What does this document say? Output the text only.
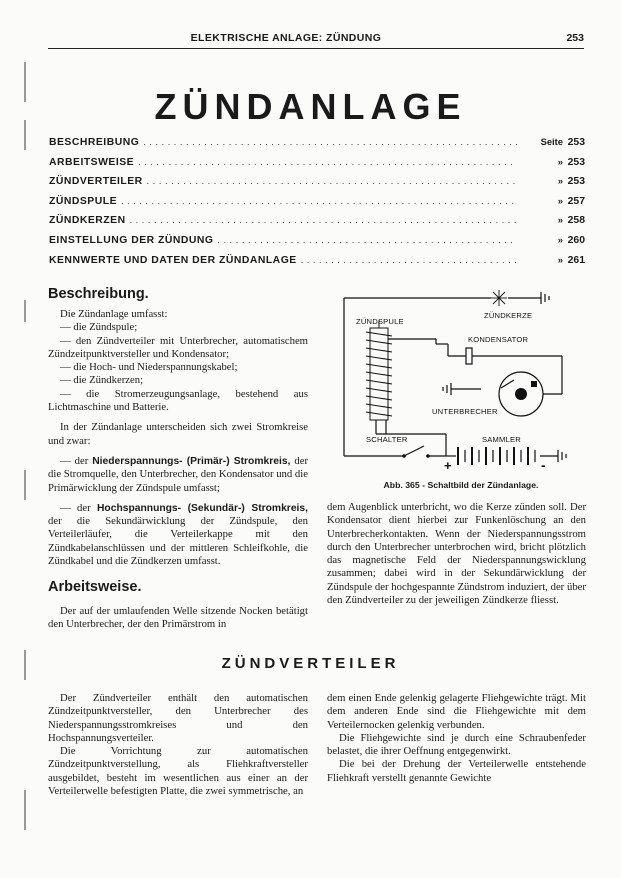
ELEKTRISCHE ANLAGE: ZÜNDUNG	253
ZÜNDANLAGE
BESCHREIBUNG .....	Seite 253
ARBEITSWEISE .....	» 253
ZÜNDVERTEILER .....	» 253
ZÜNDSPULE .....	» 257
ZÜNDKERZEN .....	» 258
EINSTELLUNG DER ZÜNDUNG .....	» 260
KENNWERTE UND DATEN DER ZÜNDANLAGE .....	» 261
Beschreibung.

Die Zündanlage umfasst:

— die Zündspule;

— den Zündverteiler mit Unterbrecher, automatischem Zündzeitpunktversteller und Kondensator;

— die Hoch- und Niederspannungskabel;

— die Zündkerzen;

— die Stromerzeugungsanlage, bestehend aus Lichtmaschine und Batterie.

In der Zündanlage unterscheiden sich zwei Stromkreise und zwar:

— der Niederspannungs- (Primär-) Stromkreis, der die Stromquelle, den Unterbrecher, den Kondensator und die Primärwicklung der Zündspule umfasst;

— der Hochspannungs- (Sekundär-) Stromkreis, der die Sekundärwicklung der Zündspule, den Verteilerläufer, die Verteilerkappe mit den Zündkabelanschlüssen und der mittleren Schleifkohle, die Zündkabel und die Zündkerzen umfasst.

ZÜNDKERZE
ZÜNDSPULE
KONDENSATOR
UNTERBRECHER
SCHALTER	SAMMLER
+	-
Abb. 365 - Schaltbild der Zündanlage.
Arbeitsweise.
Der auf der umlaufenden Welle sitzende Nocken betätigt den Unterbrecher, der den Primärstrom in
dem Augenblick unterbricht, wo die Kerze zünden soll. Der Kondensator dient hierbei zur Funkenlöschung an den Unterbrecherkontakten. Wenn der Niederspannungsstrom durch den Unterbrecher unterbrochen wird, bricht plötzlich das magnetische Feld der Niederspannungswicklung zusammen; dabei wird in der Sekundärwicklung der Zündspule der hochgespannte Zündstrom induziert, der über den Zündverteiler zu der jeweiligen Zündkerze fliesst.
ZÜNDVERTEILER

Der Zündverteiler enthält den automatischen Zündzeitpunktversteller, den Unterbrecher des Niederspannungsstromkreises und den Hochspannungsverteiler.

Die Vorrichtung zur automatischen Zündzeitpunktverstellung, als Fliehkraftversteller ausgebildet, besteht im wesentlichen aus einer an der Verteilerwelle befestigten Platte, die zwei symmetrische, an

dem einen Ende gelenkig gelagerte Fliehgewichte trägt. Mit dem anderen Ende sind die Fliehgewichte mit dem Verteilernocken gelenkig verbunden.

Die Fliehgewichte sind je durch eine Schraubenfeder belastet, die ihrer Oeffnung entgegenwirkt.

Die bei der Drehung der Verteilerwelle entstehende Fliehkraft verstellt genannte Gewichte
